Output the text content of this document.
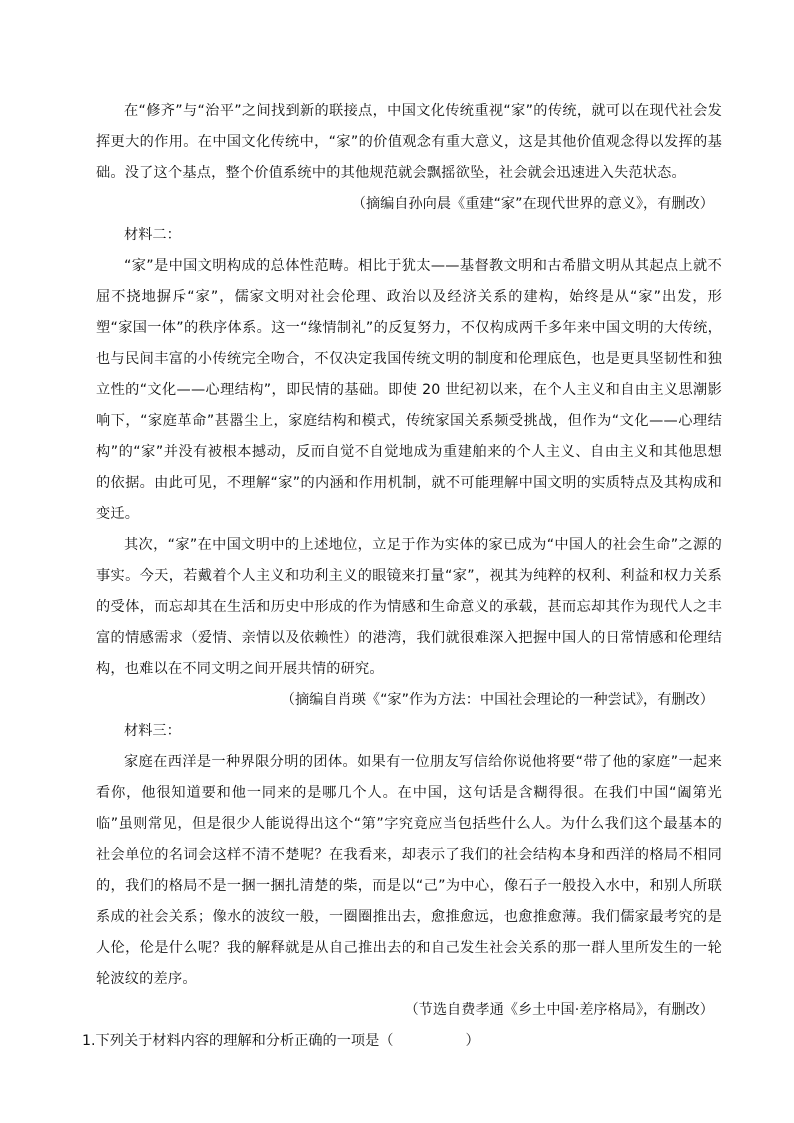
在“修齐”与“治平”之间找到新的联接点，中国文化传统重视“家”的传统，就可以在现代社会发挥更大的作用。在中国文化传统中，“家”的价值观念有重大意义，这是其他价值观念得以发挥的基础。没了这个基点，整个价值系统中的其他规范就会飘摇欲坠，社会就会迅速进入失范状态。

（摘编自孙向晨《重建“家”在现代世界的意义》，有删改）

材料二：

“家”是中国文明构成的总体性范畴。相比于犹太——基督教文明和古希腊文明从其起点上就不屈不挠地摒斥“家”，儒家文明对社会伦理、政治以及经济关系的建构，始终是从“家”出发，形塑“家国一体”的秩序体系。这一“缘情制礼”的反复努力，不仅构成两千多年来中国文明的大传统，也与民间丰富的小传统完全吻合，不仅决定我国传统文明的制度和伦理底色，也是更具坚韧性和独立性的“文化——心理结构”，即民情的基础。即使 20 世纪初以来，在个人主义和自由主义思潮影响下，“家庭革命”甚嚣尘上，家庭结构和模式，传统家国关系频受挑战，但作为“文化——心理结构”的“家”并没有被根本撼动，反而自觉不自觉地成为重建舶来的个人主义、自由主义和其他思想的依据。由此可见，不理解“家”的内涵和作用机制，就不可能理解中国文明的实质特点及其构成和变迁。

其次，“家”在中国文明中的上述地位，立足于作为实体的家已成为“中国人的社会生命”之源的事实。今天，若戴着个人主义和功利主义的眼镜来打量“家”，视其为纯粹的权利、利益和权力关系的受体，而忘却其在生活和历史中形成的作为情感和生命意义的承载，甚而忘却其作为现代人之丰富的情感需求（爱情、亲情以及依赖性）的港湾，我们就很难深入把握中国人的日常情感和伦理结构，也难以在不同文明之间开展共情的研究。

（摘编自肖瑛《“家”作为方法：中国社会理论的一种尝试》，有删改）

材料三：

家庭在西洋是一种界限分明的团体。如果有一位朋友写信给你说他将要“带了他的家庭”一起来看你，他很知道要和他一同来的是哪几个人。在中国，这句话是含糊得很。在我们中国“阖第光临”虽则常见，但是很少人能说得出这个“第”字究竟应当包括些什么人。为什么我们这个最基本的社会单位的名词会这样不清不楚呢？在我看来，却表示了我们的社会结构本身和西洋的格局不相同的，我们的格局不是一捆一捆扎清楚的柴，而是以“己”为中心，像石子一般投入水中，和别人所联系成的社会关系；像水的波纹一般，一圈圈推出去，愈推愈远，也愈推愈薄。我们儒家最考究的是人伦，伦是什么呢？我的解释就是从自己推出去的和自己发生社会关系的那一群人里所发生的一轮轮波纹的差序。

（节选自费孝通《乡土中国·差序格局》，有删改）

1.下列关于材料内容的理解和分析正确的一项是（	）
